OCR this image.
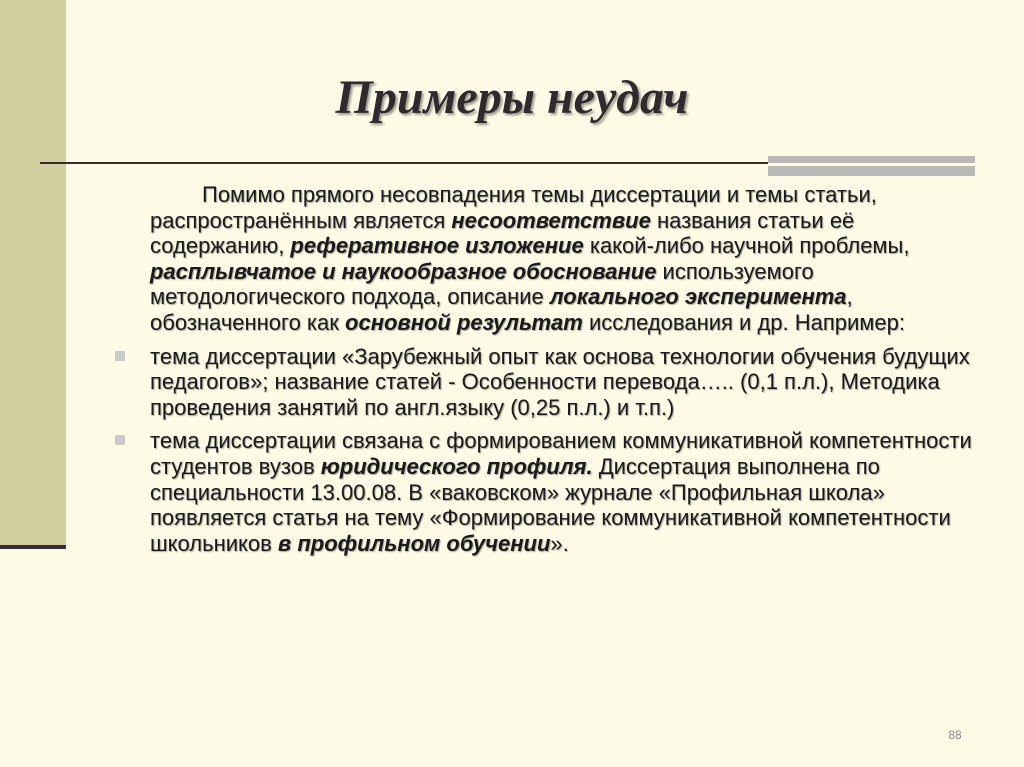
Примеры неудач

Помимо прямого несовпадения темы диссертации и темы статьи, распространённым является несоответствие названия статьи её содержанию, реферативное изложение какой-либо научной проблемы, расплывчатое и наукообразное обоснование используемого методологического подхода, описание локального эксперимента, обозначенного как основной результат исследования и др. Например:

тема диссертации «Зарубежный опыт как основа технологии обучения будущих педагогов»; название статей - Особенности перевода….. (0,1 п.л.), Методика проведения занятий по англ.языку (0,25 п.л.) и т.п.)

тема диссертации связана с формированием коммуникативной компетентности студентов вузов юридического профиля. Диссертация выполнена по специальности 13.00.08. В «ваковском» журнале «Профильная школа» появляется статья на тему «Формирование коммуникативной компетентности школьников в профильном обучении».

88
